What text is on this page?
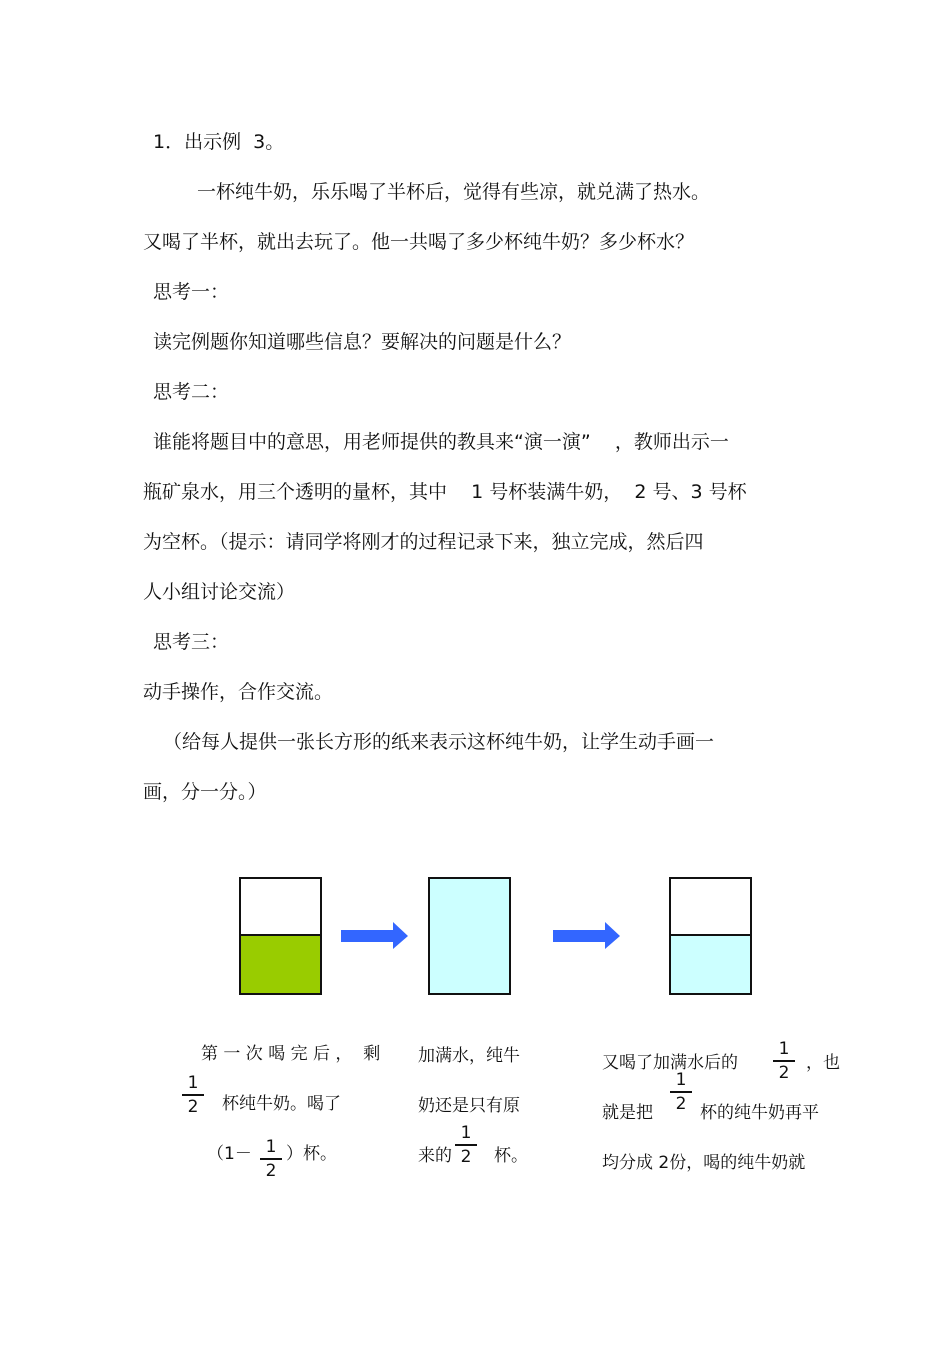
1．出示例  3。
一杯纯牛奶，乐乐喝了半杯后，觉得有些凉，就兑满了热水。
又喝了半杯，就出去玩了。他一共喝了多少杯纯牛奶？多少杯水？
思考一：
读完例题你知道哪些信息？要解决的问题是什么？
思考二：
谁能将题目中的意思，用老师提供的教具来“演一演”    ，教师出示一
瓶矿泉水，用三个透明的量杯，其中    1 号杯装满牛奶，  2 号、3 号杯
为空杯。（提示：请同学将刚才的过程记录下来，独立完成，然后四
人小组讨论交流）
思考三：
动手操作，合作交流。
（给每人提供一张长方形的纸来表示这杯纯牛奶，让学生动手画一
画，分一分。）
第 一 次 喝 完 后 ，  剩
1
2	杯纯牛奶。喝了
（1－ 1
2
）杯。
加满水，纯牛
奶还是只有原
来的
1
2	杯。
又喝了加满水后的
1
2 ，也
就是把
1
2 杯的纯牛奶再平
均分成 2份，喝的纯牛奶就
